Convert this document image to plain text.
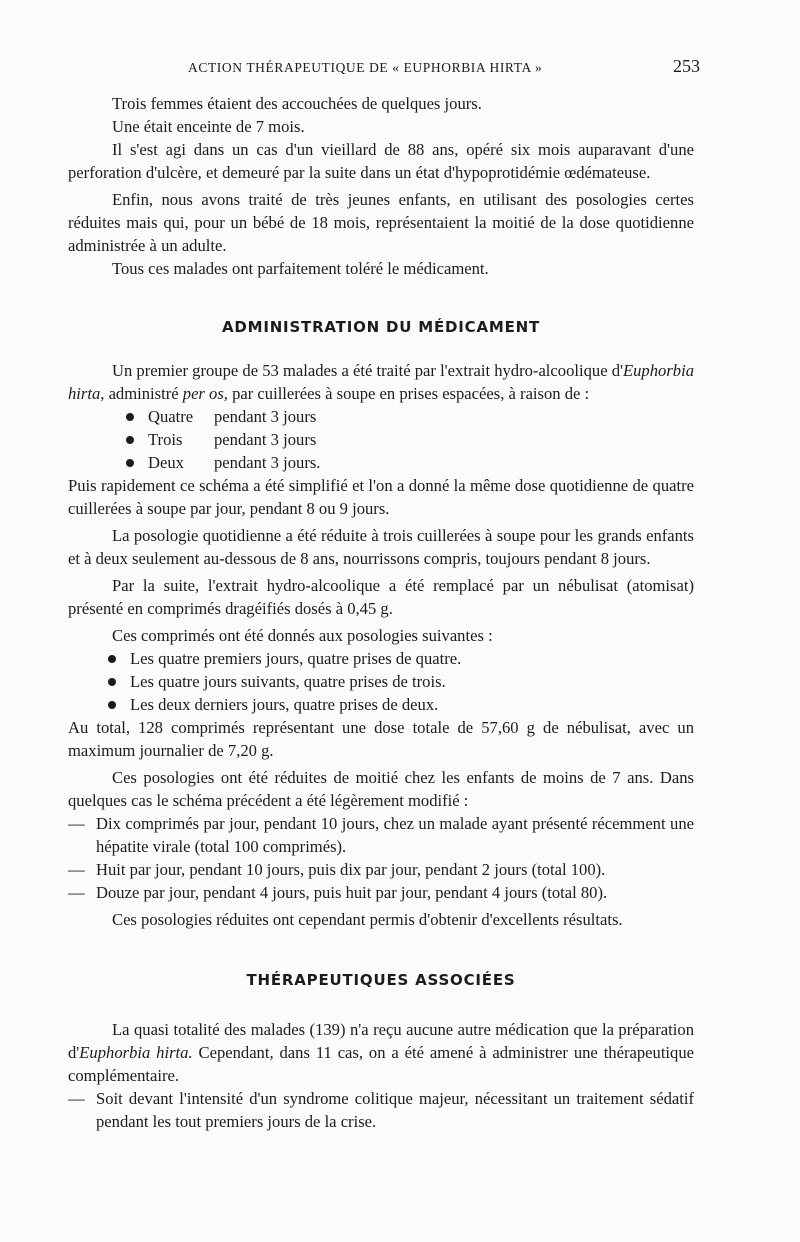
ACTION THÉRAPEUTIQUE DE « EUPHORBIA HIRTA »	253

Trois femmes étaient des accouchées de quelques jours.

Une était enceinte de 7 mois.

Il s'est agi dans un cas d'un vieillard de 88 ans, opéré six mois auparavant d'une perforation d'ulcère, et demeuré par la suite dans un état d'hypoprotidémie œdémateuse.

Enfin, nous avons traité de très jeunes enfants, en utilisant des posologies certes réduites mais qui, pour un bébé de 18 mois, représentaient la moitié de la dose quotidienne administrée à un adulte.

Tous ces malades ont parfaitement toléré le médicament.

ADMINISTRATION DU MÉDICAMENT

Un premier groupe de 53 malades a été traité par l'extrait hydro-alcoolique d'Euphorbia hirta, administré per os, par cuillerées à soupe en prises espacées, à raison de :

Quatre pendant 3 jours
Trois pendant 3 jours
Deux pendant 3 jours.

Puis rapidement ce schéma a été simplifié et l'on a donné la même dose quotidienne de quatre cuillerées à soupe par jour, pendant 8 ou 9 jours.

La posologie quotidienne a été réduite à trois cuillerées à soupe pour les grands enfants et à deux seulement au-dessous de 8 ans, nourrissons compris, toujours pendant 8 jours.

Par la suite, l'extrait hydro-alcoolique a été remplacé par un nébulisat (atomisat) présenté en comprimés dragéifiés dosés à 0,45 g.

Ces comprimés ont été donnés aux posologies suivantes :

Les quatre premiers jours, quatre prises de quatre.
Les quatre jours suivants, quatre prises de trois.
Les deux derniers jours, quatre prises de deux.

Au total, 128 comprimés représentant une dose totale de 57,60 g de nébulisat, avec un maximum journalier de 7,20 g.

Ces posologies ont été réduites de moitié chez les enfants de moins de 7 ans. Dans quelques cas le schéma précédent a été légèrement modifié :

— Dix comprimés par jour, pendant 10 jours, chez un malade ayant présenté récemment une hépatite virale (total 100 comprimés).
— Huit par jour, pendant 10 jours, puis dix par jour, pendant 2 jours (total 100).
— Douze par jour, pendant 4 jours, puis huit par jour, pendant 4 jours (total 80).

Ces posologies réduites ont cependant permis d'obtenir d'excellents résultats.

THÉRAPEUTIQUES ASSOCIÉES

La quasi totalité des malades (139) n'a reçu aucune autre médication que la préparation d'Euphorbia hirta. Cependant, dans 11 cas, on a été amené à administrer une thérapeutique complémentaire.

— Soit devant l'intensité d'un syndrome colitique majeur, nécessitant un traitement sédatif pendant les tout premiers jours de la crise.
